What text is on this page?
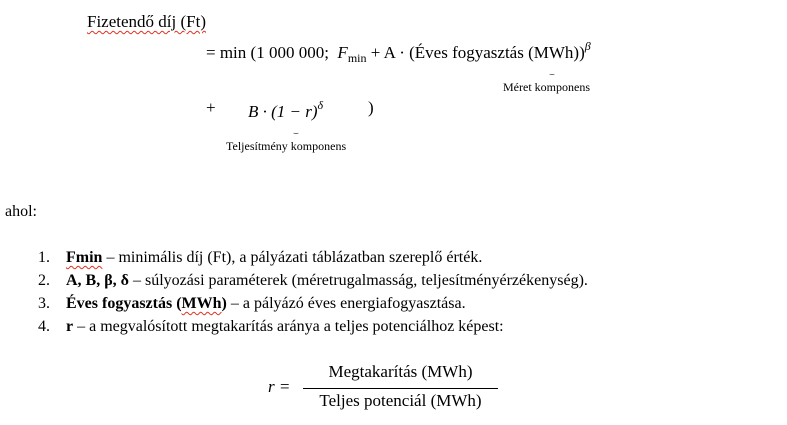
Fizetendő díj (Ft)
= min (1 000 000; $F_{min} + A$ · (Éves fogyasztás (MWh))$^\beta$
⌣
Méret komponens
+ $B \cdot (1 - r)^\delta$	)
⌣
Teljesítmény komponens
ahol:
1. Fmin – minimális díj (Ft), a pályázati táblázatban szereplő érték.
2. A, B, β, δ – súlyozási paraméterek (méretrugalmasság, teljesítményérzékenység).
3. Éves fogyasztás (MWh) – a pályázó éves energiafogyasztása.
4. r – a megvalósított megtakarítás aránya a teljes potenciálhoz képest:
r =
Megtakarítás (MWh)
Teljes potenciál (MWh)
